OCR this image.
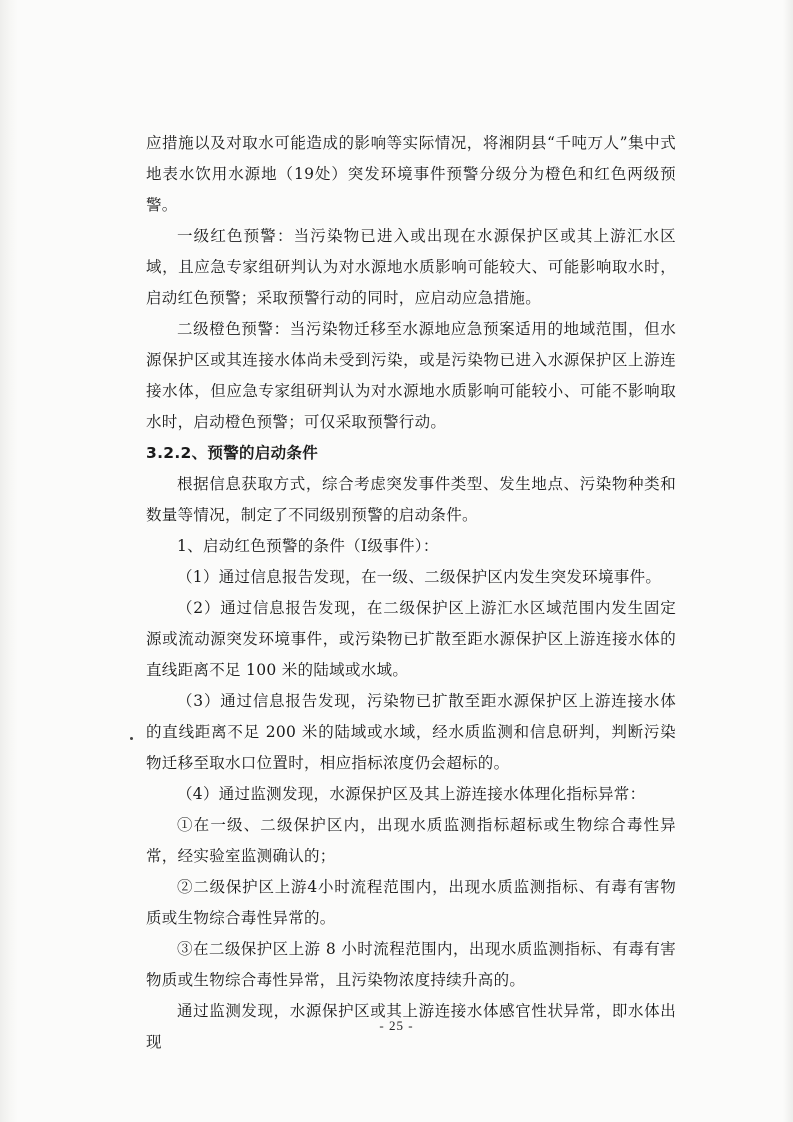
应措施以及对取水可能造成的影响等实际情况，将湘阴县“千吨万人”集中式地表水饮用水源地（19处）突发环境事件预警分级分为橙色和红色两级预警。

一级红色预警：当污染物已进入或出现在水源保护区或其上游汇水区域，且应急专家组研判认为对水源地水质影响可能较大、可能影响取水时，启动红色预警；采取预警行动的同时，应启动应急措施。

二级橙色预警：当污染物迁移至水源地应急预案适用的地域范围，但水源保护区或其连接水体尚未受到污染，或是污染物已进入水源保护区上游连接水体，但应急专家组研判认为对水源地水质影响可能较小、可能不影响取水时，启动橙色预警；可仅采取预警行动。

3.2.2、预警的启动条件

根据信息获取方式，综合考虑突发事件类型、发生地点、污染物种类和数量等情况，制定了不同级别预警的启动条件。

1、启动红色预警的条件（I级事件）：

（1）通过信息报告发现，在一级、二级保护区内发生突发环境事件。

（2）通过信息报告发现，在二级保护区上游汇水区域范围内发生固定源或流动源突发环境事件，或污染物已扩散至距水源保护区上游连接水体的直线距离不足 100 米的陆域或水域。

（3）通过信息报告发现，污染物已扩散至距水源保护区上游连接水体的直线距离不足 200 米的陆域或水域，经水质监测和信息研判，判断污染物迁移至取水口位置时，相应指标浓度仍会超标的。

（4）通过监测发现，水源保护区及其上游连接水体理化指标异常：

①在一级、二级保护区内，出现水质监测指标超标或生物综合毒性异常，经实验室监测确认的；

②二级保护区上游4小时流程范围内，出现水质监测指标、有毒有害物质或生物综合毒性异常的。

③在二级保护区上游 8 小时流程范围内，出现水质监测指标、有毒有害物质或生物综合毒性异常，且污染物浓度持续升高的。

通过监测发现，水源保护区或其上游连接水体感官性状异常，即水体出现

- 25 -
